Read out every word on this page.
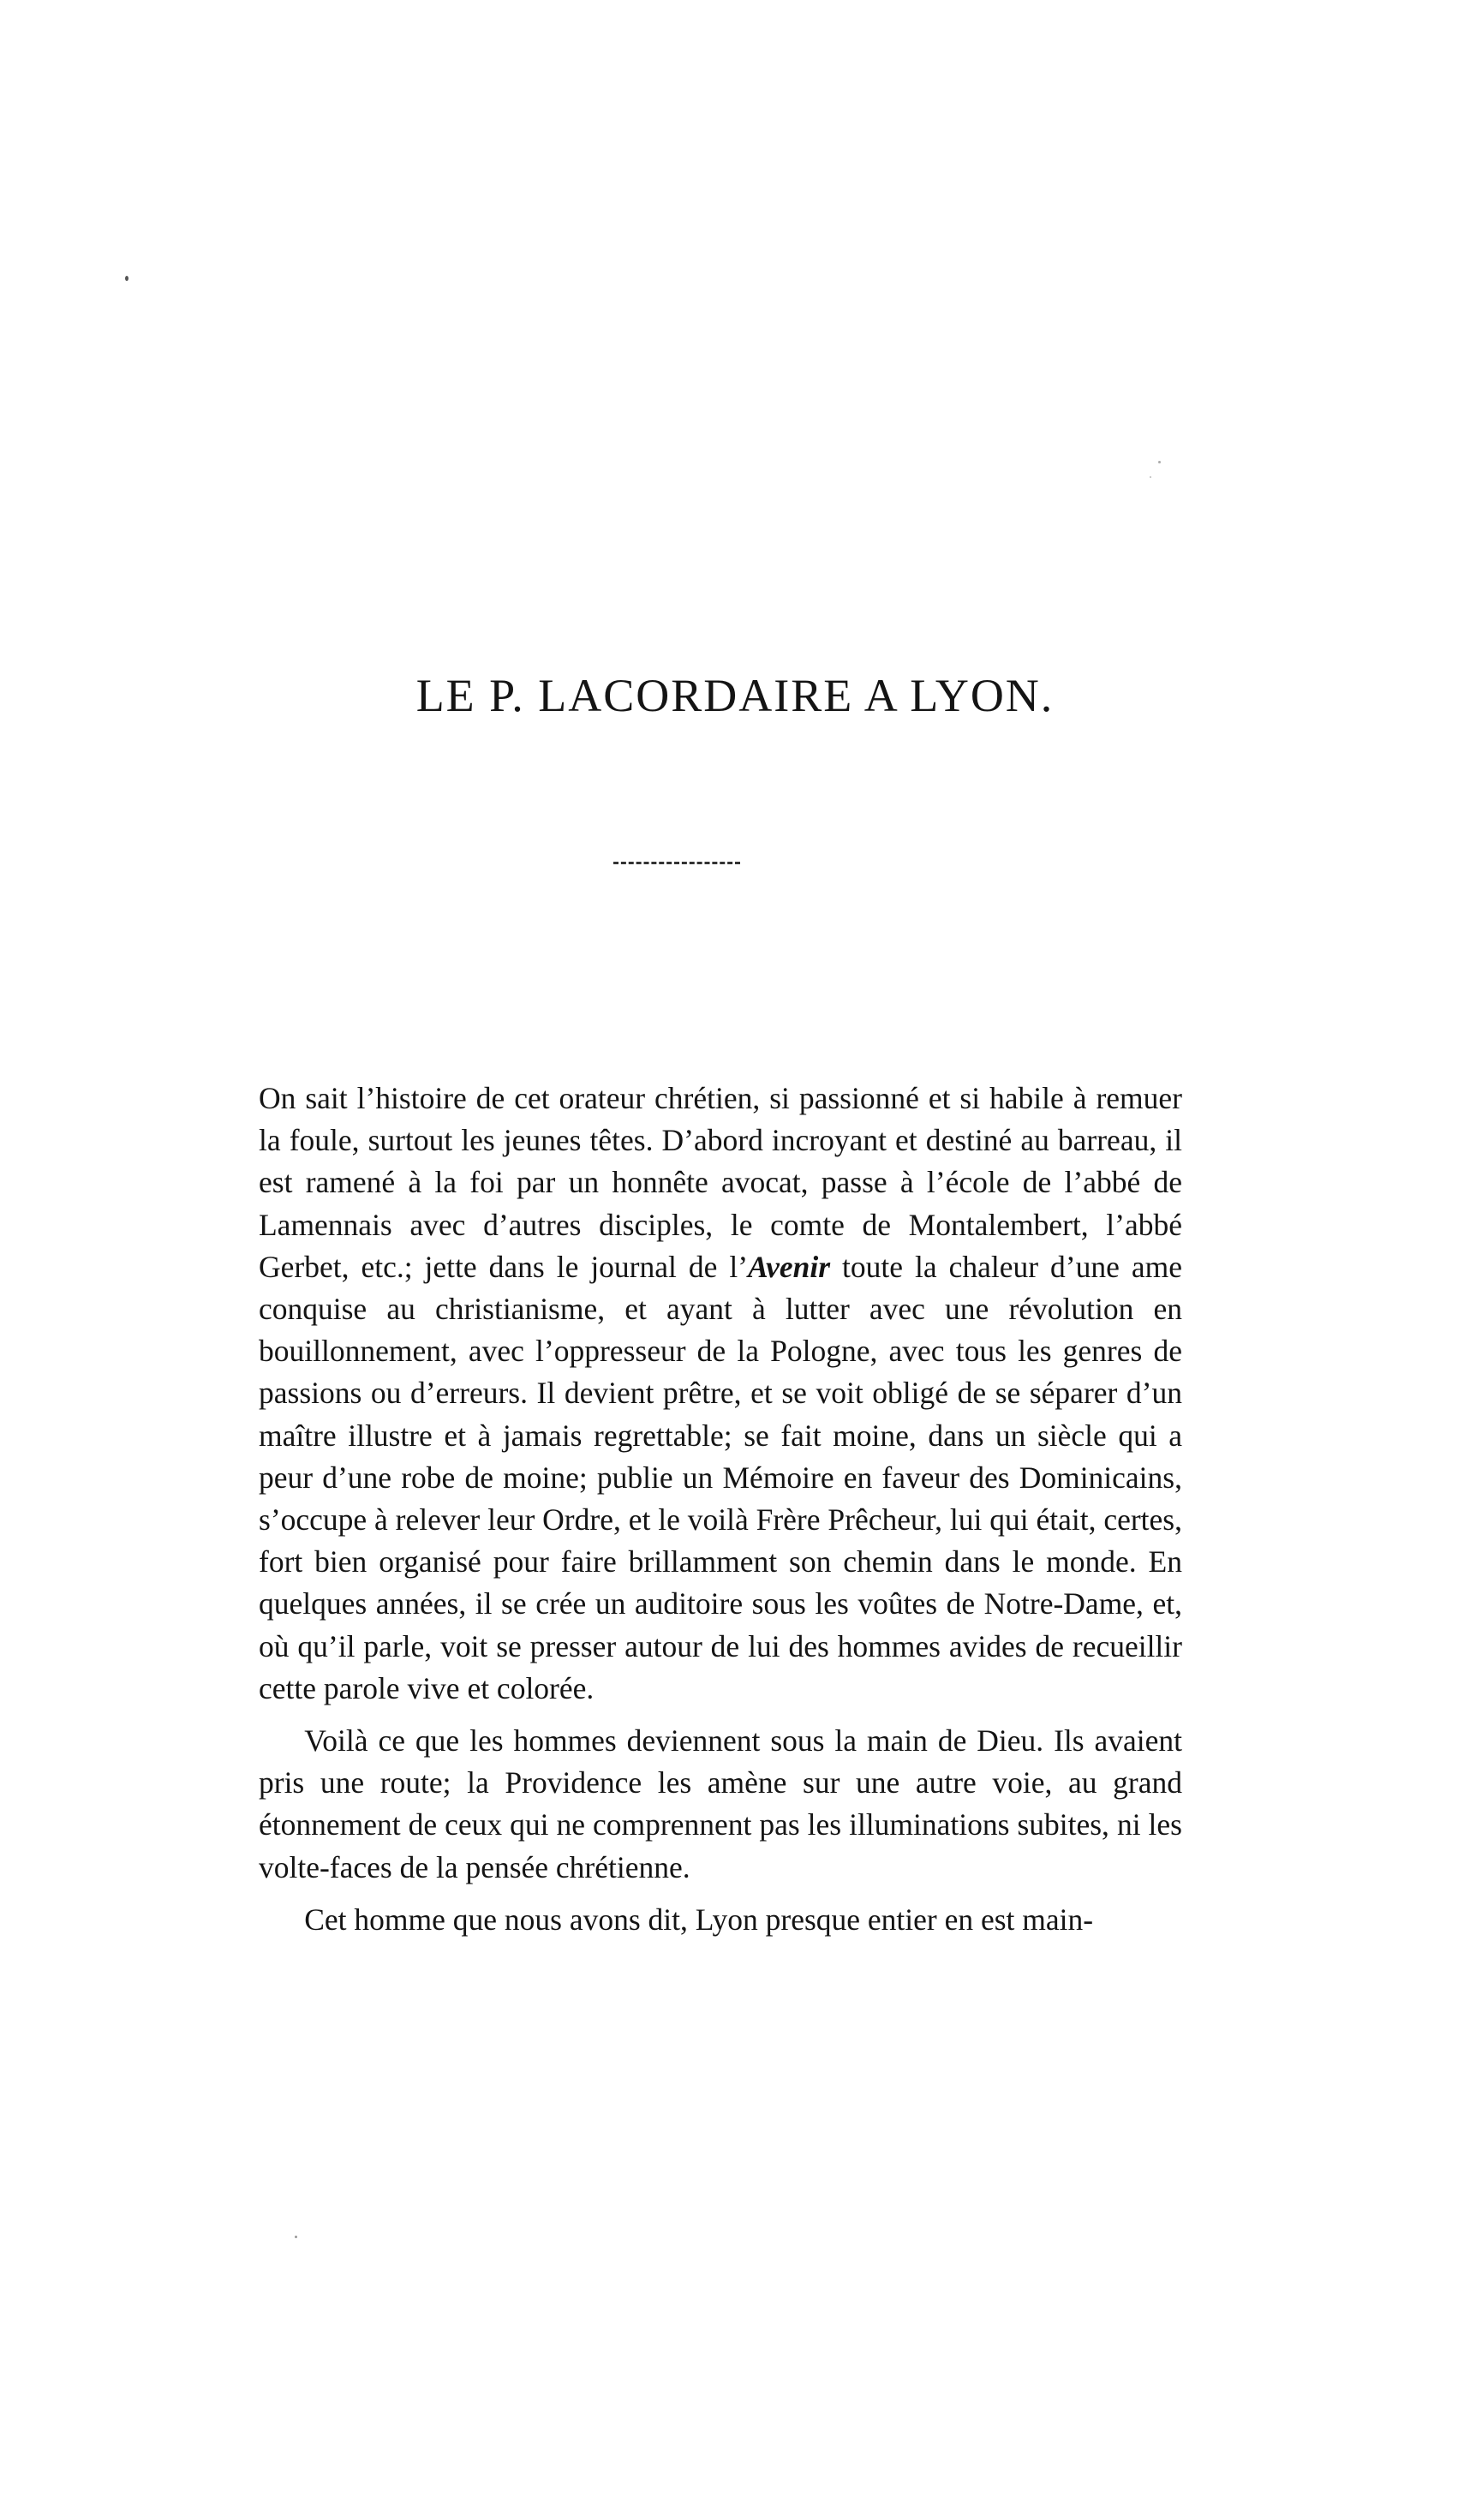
LE P. LACORDAIRE A LYON.

On sait l’histoire de cet orateur chrétien, si passionné et si habile à remuer la foule, surtout les jeunes têtes. D’abord incroyant et destiné au barreau, il est ramené à la foi par un honnête avocat, passe à l’école de l’abbé de Lamennais avec d’autres disciples, le comte de Montalembert, l’abbé Gerbet, etc.; jette dans le journal de l’Avenir toute la chaleur d’une ame conquise au christianisme, et ayant à lutter avec une révolution en bouillonnement, avec l’oppresseur de la Pologne, avec tous les genres de passions ou d’erreurs. Il devient prêtre, et se voit obligé de se séparer d’un maître illustre et à jamais regrettable; se fait moine, dans un siècle qui a peur d’une robe de moine; publie un Mémoire en faveur des Dominicains, s’occupe à relever leur Ordre, et le voilà Frère Prêcheur, lui qui était, certes, fort bien organisé pour faire brillamment son chemin dans le monde. En quelques années, il se crée un auditoire sous les voûtes de Notre-Dame, et, où qu’il parle, voit se presser autour de lui des hommes avides de recueillir cette parole vive et colorée.

Voilà ce que les hommes deviennent sous la main de Dieu. Ils avaient pris une route; la Providence les amène sur une autre voie, au grand étonnement de ceux qui ne comprennent pas les illuminations subites, ni les volte-faces de la pensée chrétienne.

Cet homme que nous avons dit, Lyon presque entier en est main-
